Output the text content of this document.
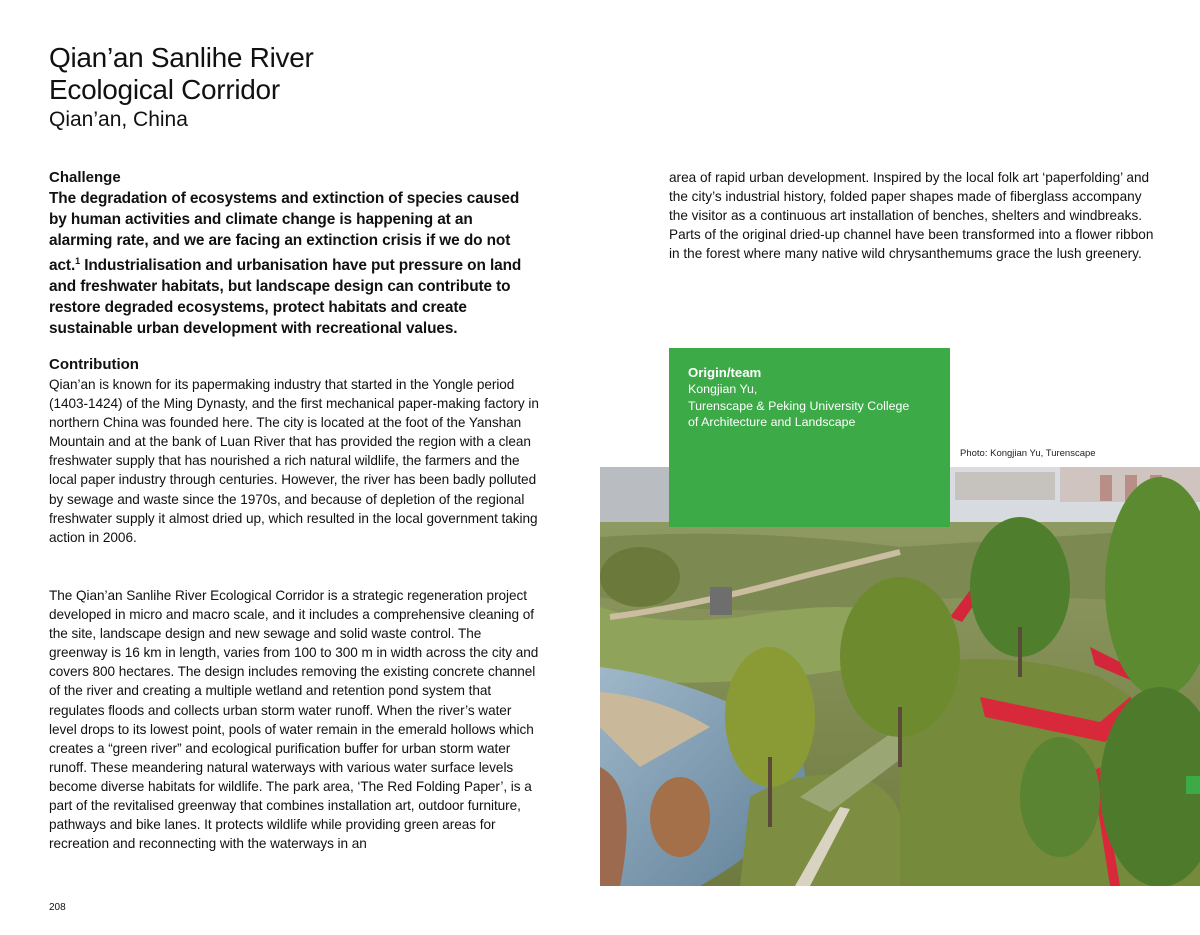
Qian’an Sanlihe River
Ecological Corridor
Qian’an, China
Challenge
The degradation of ecosystems and extinction of species caused by human activities and climate change is happening at an alarming rate, and we are facing an extinction crisis if we do not act.$^1$ Industrialisation and urbanisation have put pressure on land and freshwater habitats, but landscape design can contribute to restore degraded ecosystems, protect habitats and create sustainable urban development with recreational values.
Contribution

Qian’an is known for its papermaking industry that started in the Yongle period (1403-1424) of the Ming Dynasty, and the first mechanical paper-making factory in northern China was founded here. The city is located at the foot of the Yanshan Mountain and at the bank of Luan River that has provided the region with a clean freshwater supply that has nourished a rich natural wildlife, the farmers and the local paper industry through centuries. However, the river has been badly polluted by sewage and waste since the 1970s, and because of depletion of the regional freshwater supply it almost dried up, which resulted in the local government taking action in 2006.

The Qian’an Sanlihe River Ecological Corridor is a strategic regeneration project developed in micro and macro scale, and it includes a comprehensive cleaning of the site, landscape design and new sewage and solid waste control. The greenway is 16 km in length, varies from 100 to 300 m in width across the city and covers 800 hectares. The design includes removing the existing concrete channel of the river and creating a multiple wetland and retention pond system that regulates floods and collects urban storm water runoff. When the river’s water level drops to its lowest point, pools of water remain in the emerald hollows which creates a “green river” and ecological purification buffer for urban storm water runoff. These meandering natural waterways with various water surface levels become diverse habitats for wildlife. The park area, ‘The Red Folding Paper’, is a part of the revitalised greenway that combines installation art, outdoor furniture, pathways and bike lanes. It protects wildlife while providing green areas for recreation and reconnecting with the waterways in an

area of rapid urban development. Inspired by the local folk art ‘paperfolding’ and the city’s industrial history, folded paper shapes made of fiberglass accompany the visitor as a continuous art installation of benches, shelters and windbreaks. Parts of the original dried-up channel have been transformed into a flower ribbon in the forest where many native wild chrysanthemums grace the lush greenery.

Origin/team
Kongjian Yu,
Turenscape & Peking University College
of Architecture and Landscape
Photo: Kongjian Yu, Turenscape
208
